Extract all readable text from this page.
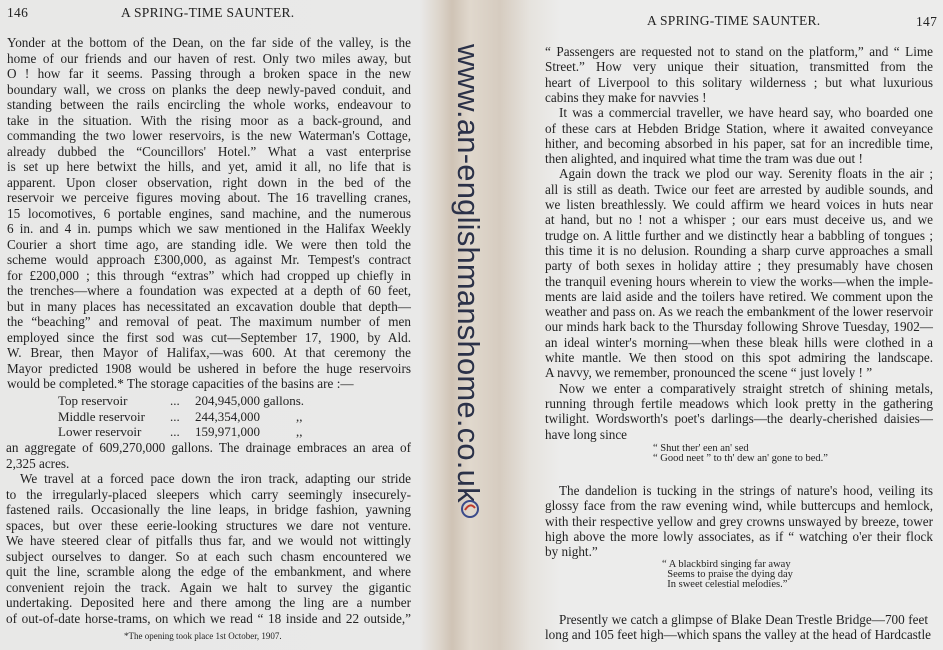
146	A SPRING-TIME SAUNTER.
A SPRING-TIME SAUNTER.	147
Yonder at the bottom of the Dean, on the far side of the valley, is the
home of our friends and our haven of rest. Only two miles away, but
O ! how far it seems. Passing through a broken space in the new
boundary wall, we cross on planks the deep newly-paved conduit, and
standing between the rails encircling the whole works, endeavour to
take in the situation. With the rising moor as a back-ground, and
commanding the two lower reservoirs, is the new Waterman's Cottage,
already dubbed the “Councillors' Hotel.” What a vast enterprise
is set up here betwixt the hills, and yet, amid it all, no life that is
apparent. Upon closer observation, right down in the bed of the
reservoir we perceive figures moving about. The 16 travelling cranes,
15 locomotives, 6 portable engines, sand machine, and the numerous
6 in. and 4 in. pumps which we saw mentioned in the Halifax Weekly
Courier a short time ago, are standing idle. We were then told the
scheme would approach £300,000, as against Mr. Tempest's contract
for £200,000 ; this through “extras” which had cropped up chiefly in
the trenches—where a foundation was expected at a depth of 60 feet,
but in many places has necessitated an excavation double that depth—
the “beaching” and removal of peat. The maximum number of men
employed since the first sod was cut—September 17, 1900, by Ald.
W. Brear, then Mayor of Halifax,—was 600. At that ceremony the
Mayor predicted 1908 would be ushered in before the huge reservoirs
would be completed.* The storage capacities of the basins are :—
Top reservoir	... 204,945,000 gallons.
Middle reservoir ... 244,354,000	,,
Lower reservoir ... 159,971,000	,,
an aggregate of 609,270,000 gallons. The drainage embraces an area of
2,325 acres.
We travel at a forced pace down the iron track, adapting our stride
to the irregularly-placed sleepers which carry seemingly insecurely-
fastened rails. Occasionally the line leaps, in bridge fashion, yawning
spaces, but over these eerie-looking structures we dare not venture.
We have steered clear of pitfalls thus far, and we would not wittingly
subject ourselves to danger. So at each such chasm encountered we
quit the line, scramble along the edge of the embankment, and where
convenient rejoin the track. Again we halt to survey the gigantic
undertaking. Deposited here and there among the ling are a number
of out-of-date horse-trams, on which we read “ 18 inside and 22 outside,”
*The opening took place 1st October, 1907.
“ Passengers are requested not to stand on the platform,” and “ Lime
Street.” How very unique their situation, transmitted from the
heart of Liverpool to this solitary wilderness ; but what luxurious
cabins they make for navvies !
It was a commercial traveller, we have heard say, who boarded one
of these cars at Hebden Bridge Station, where it awaited conveyance
hither, and becoming absorbed in his paper, sat for an incredible time,
then alighted, and inquired what time the tram was due out !
Again down the track we plod our way. Serenity floats in the air ;
all is still as death. Twice our feet are arrested by audible sounds, and
we listen breathlessly. We could affirm we heard voices in huts near
at hand, but no ! not a whisper ; our ears must deceive us, and we
trudge on. A little further and we distinctly hear a babbling of tongues ;
this time it is no delusion. Rounding a sharp curve approaches a small
party of both sexes in holiday attire ; they presumably have chosen
the tranquil evening hours wherein to view the works—when the imple-
ments are laid aside and the toilers have retired. We comment upon the
weather and pass on. As we reach the embankment of the lower reservoir
our minds hark back to the Thursday following Shrove Tuesday, 1902—
an ideal winter's morning—when these bleak hills were clothed in a
white mantle. We then stood on this spot admiring the landscape.
A navvy, we remember, pronounced the scene “ just lovely ! ”
Now we enter a comparatively straight stretch of shining metals,
running through fertile meadows which look pretty in the gathering
twilight. Wordsworth's poet's darlings—the dearly-cherished daisies—
have long since
“ Shut ther' een an' sed
“ Good neet ” to th' dew an' gone to bed.”
The dandelion is tucking in the strings of nature's hood, veiling its
glossy face from the raw evening wind, while buttercups and hemlock,
with their respective yellow and grey crowns unswayed by breeze, tower
high above the more lowly associates, as if “ watching o'er their flock
by night.”
“ A blackbird singing far away
Seems to praise the dying day
In sweet celestial melodies.”
Presently we catch a glimpse of Blake Dean Trestle Bridge—700 feet
long and 105 feet high—which spans the valley at the head of Hardcastle
www.an-englishmanshome.co.uk
